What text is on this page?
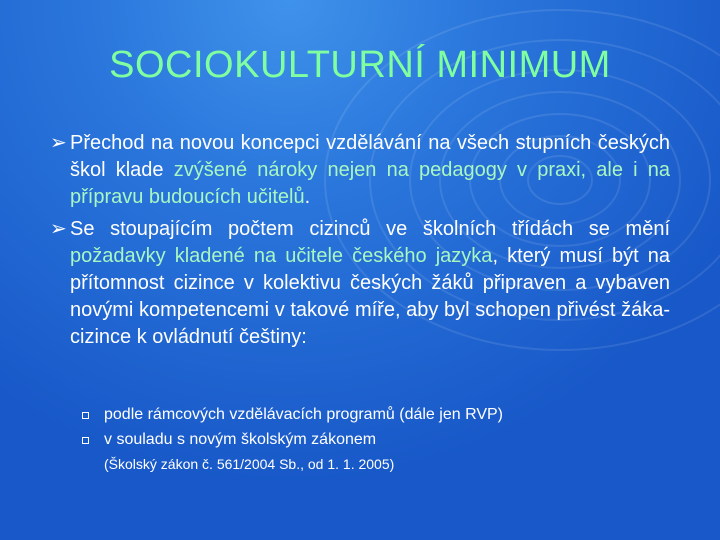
SOCIOKULTURNÍ MINIMUM
➢ Přechod na novou koncepci vzdělávání na všech stupních českých škol klade zvýšené nároky nejen na pedagogy v praxi, ale i na přípravu budoucích učitelů.
➢ Se stoupajícím počtem cizinců ve školních třídách se mění požadavky kladené na učitele českého jazyka, který musí být na přítomnost cizince v kolektivu českých žáků připraven a vybaven novými kompetencemi v takové míře, aby byl schopen přivést žáka-cizince k ovládnutí češtiny:
podle rámcových vzdělávacích programů (dále jen RVP)
v souladu s novým školským zákonem
(Školský zákon č. 561/2004 Sb., od 1. 1. 2005)
